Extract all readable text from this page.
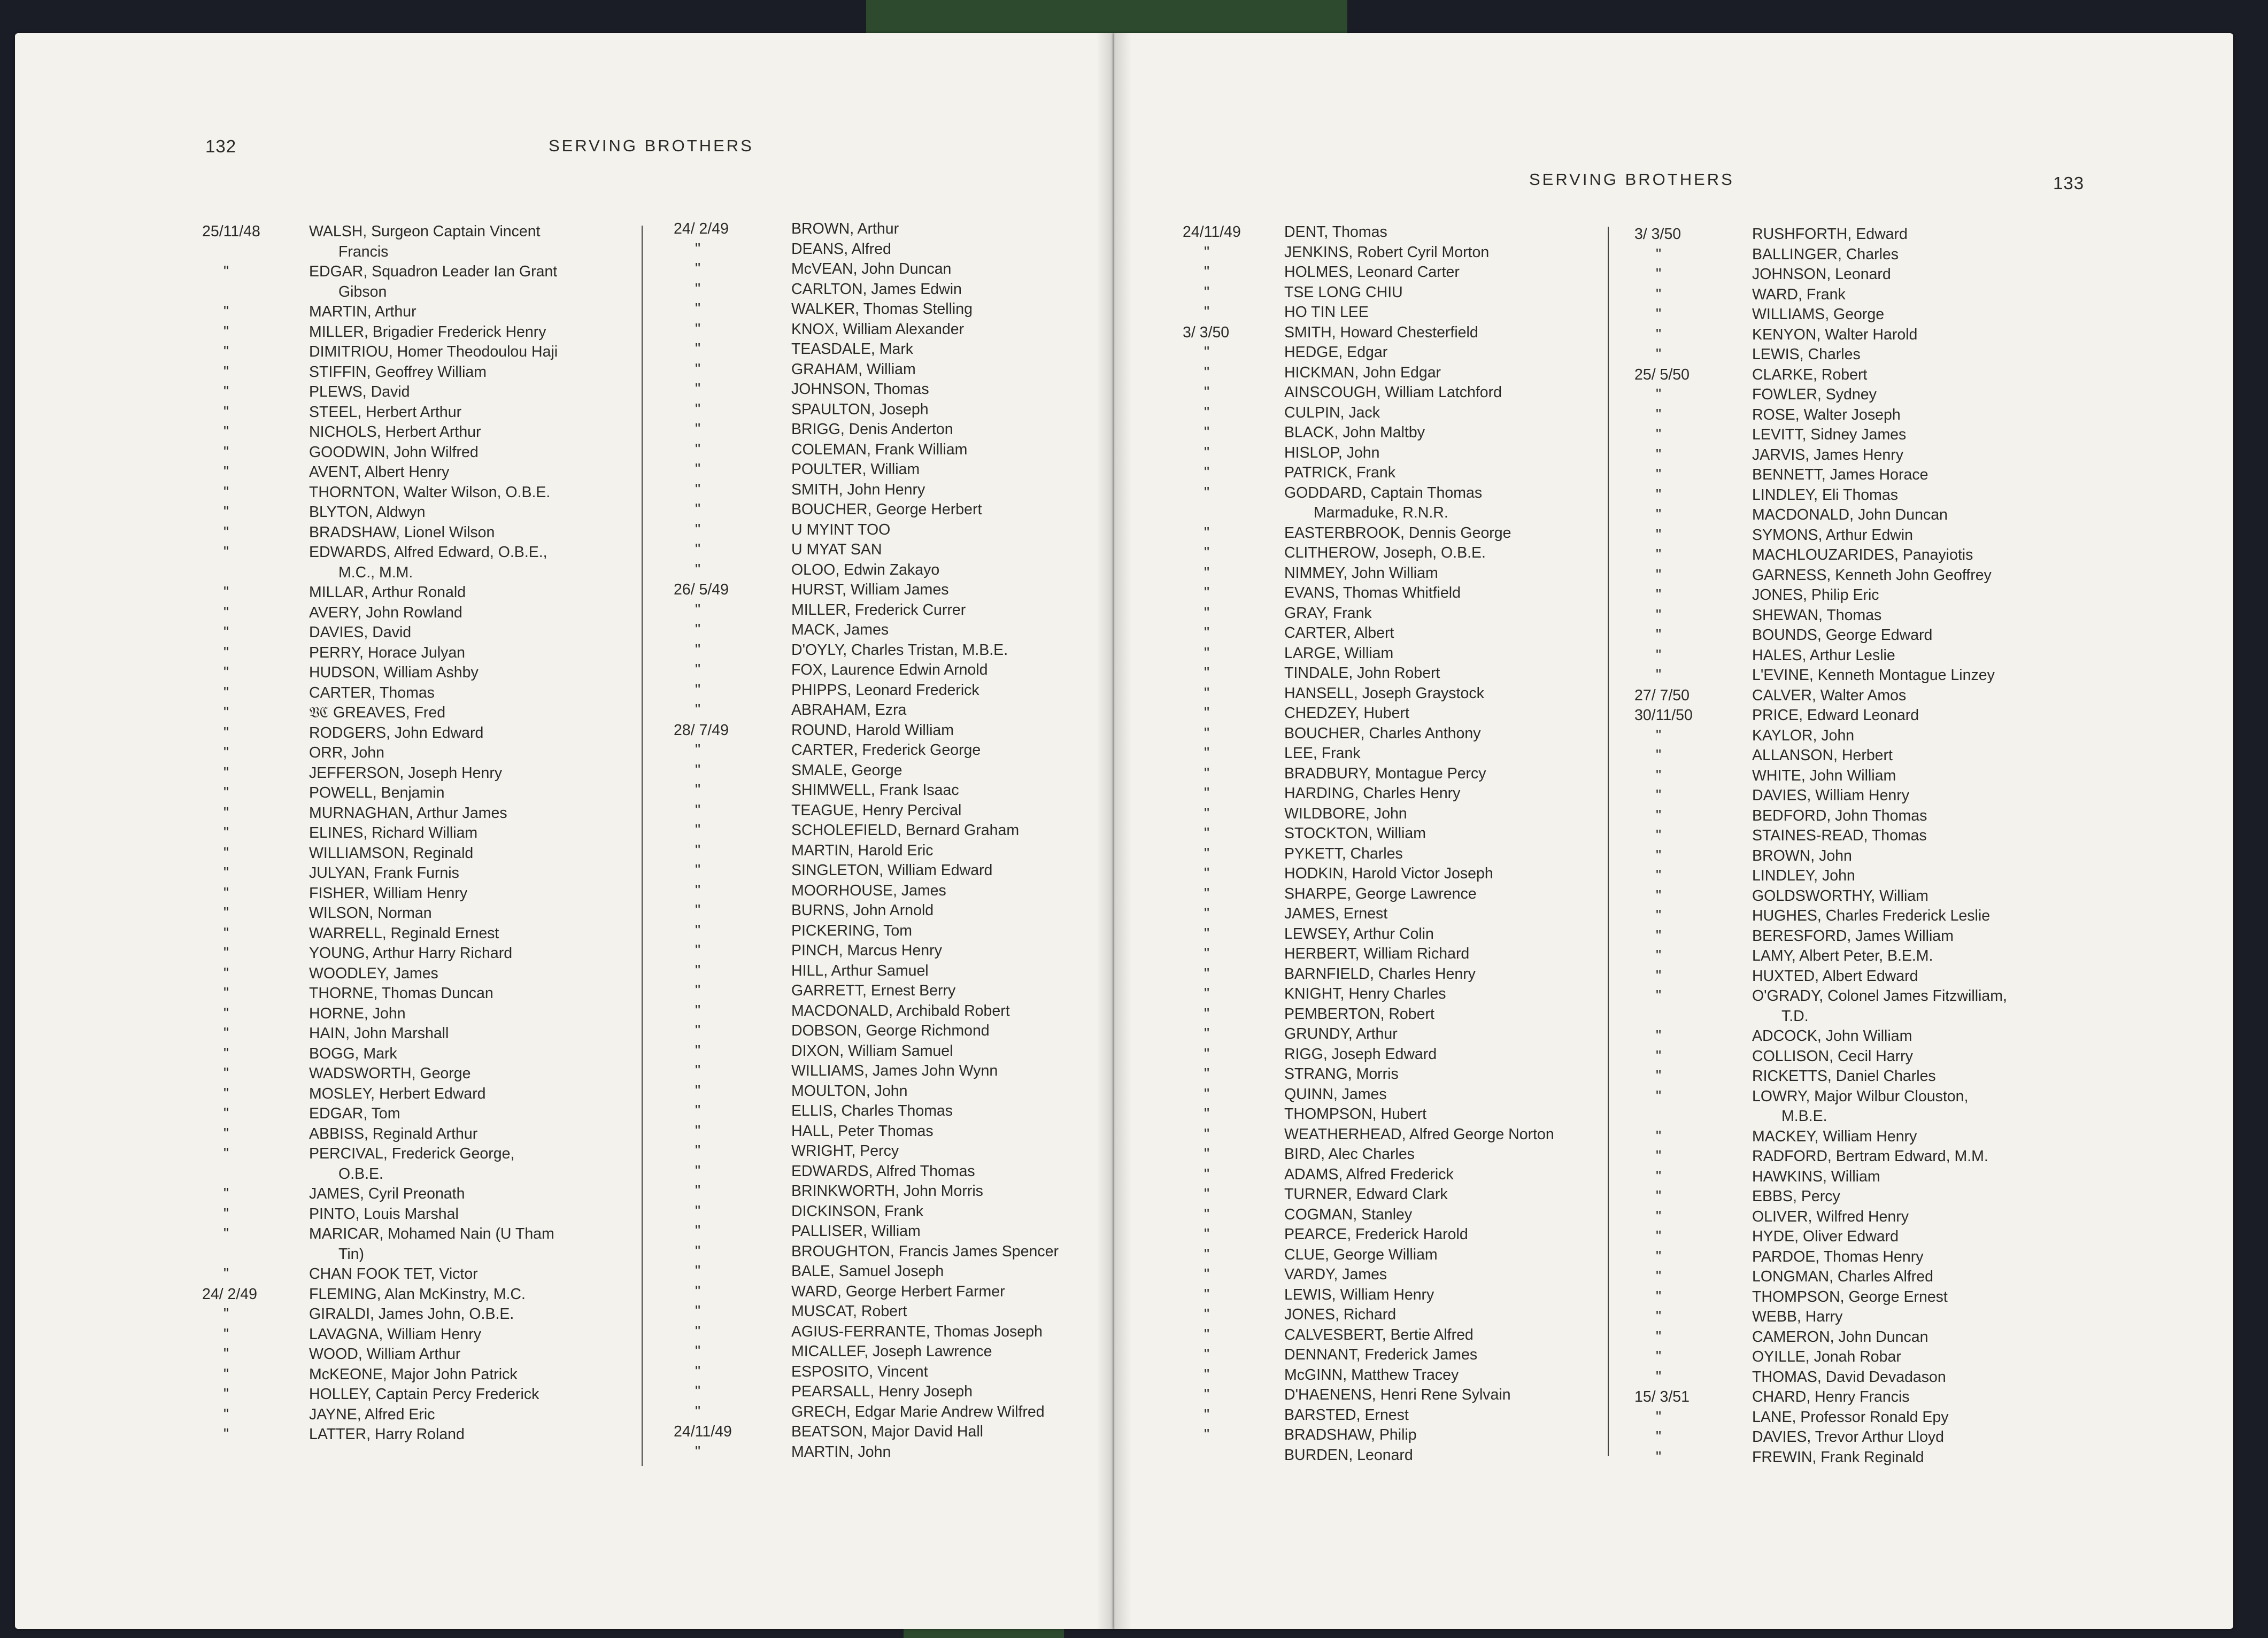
132	SERVING BROTHERS
25/11/48	WALSH, Surgeon Captain Vincent
Francis
"	EDGAR, Squadron Leader Ian Grant
Gibson
"	MARTIN, Arthur
"	MILLER, Brigadier Frederick Henry
"	DIMITRIOU, Homer Theodoulou Haji
"	STIFFIN, Geoffrey William
"	PLEWS, David
"	STEEL, Herbert Arthur
"	NICHOLS, Herbert Arthur
"	GOODWIN, John Wilfred
"	AVENT, Albert Henry
"	THORNTON, Walter Wilson, O.B.E.
"	BLYTON, Aldwyn
"	BRADSHAW, Lionel Wilson
"	EDWARDS, Alfred Edward, O.B.E.,
M.C., M.M.
"	MILLAR, Arthur Ronald
"	AVERY, John Rowland
"	DAVIES, David
"	PERRY, Horace Julyan
"	HUDSON, William Ashby
"	CARTER, Thomas
"	𝔙ℭ GREAVES, Fred
"	RODGERS, John Edward
"	ORR, John
"	JEFFERSON, Joseph Henry
"	POWELL, Benjamin
"	MURNAGHAN, Arthur James
"	ELINES, Richard William
"	WILLIAMSON, Reginald
"	JULYAN, Frank Furnis
"	FISHER, William Henry
"	WILSON, Norman
"	WARRELL, Reginald Ernest
"	YOUNG, Arthur Harry Richard
"	WOODLEY, James
"	THORNE, Thomas Duncan
"	HORNE, John
"	HAIN, John Marshall
"	BOGG, Mark
"	WADSWORTH, George
"	MOSLEY, Herbert Edward
"	EDGAR, Tom
"	ABBISS, Reginald Arthur
"	PERCIVAL, Frederick George,
O.B.E.
"	JAMES, Cyril Preonath
"	PINTO, Louis Marshal
"	MARICAR, Mohamed Nain (U Tham
Tin)
"	CHAN FOOK TET, Victor
24/ 2/49	FLEMING, Alan McKinstry, M.C.
"	GIRALDI, James John, O.B.E.
"	LAVAGNA, William Henry
"	WOOD, William Arthur
"	McKEONE, Major John Patrick
"	HOLLEY, Captain Percy Frederick
"	JAYNE, Alfred Eric
"	LATTER, Harry Roland
24/ 2/49	BROWN, Arthur
"	DEANS, Alfred
"	McVEAN, John Duncan
"	CARLTON, James Edwin
"	WALKER, Thomas Stelling
"	KNOX, William Alexander
"	TEASDALE, Mark
"	GRAHAM, William
"	JOHNSON, Thomas
"	SPAULTON, Joseph
"	BRIGG, Denis Anderton
"	COLEMAN, Frank William
"	POULTER, William
"	SMITH, John Henry
"	BOUCHER, George Herbert
"	U MYINT TOO
"	U MYAT SAN
"	OLOO, Edwin Zakayo
26/ 5/49	HURST, William James
"	MILLER, Frederick Currer
"	MACK, James
"	D'OYLY, Charles Tristan, M.B.E.
"	FOX, Laurence Edwin Arnold
"	PHIPPS, Leonard Frederick
"	ABRAHAM, Ezra
28/ 7/49	ROUND, Harold William
"	CARTER, Frederick George
"	SMALE, George
"	SHIMWELL, Frank Isaac
"	TEAGUE, Henry Percival
"	SCHOLEFIELD, Bernard Graham
"	MARTIN, Harold Eric
"	SINGLETON, William Edward
"	MOORHOUSE, James
"	BURNS, John Arnold
"	PICKERING, Tom
"	PINCH, Marcus Henry
"	HILL, Arthur Samuel
"	GARRETT, Ernest Berry
"	MACDONALD, Archibald Robert
"	DOBSON, George Richmond
"	DIXON, William Samuel
"	WILLIAMS, James John Wynn
"	MOULTON, John
"	ELLIS, Charles Thomas
"	HALL, Peter Thomas
"	WRIGHT, Percy
"	EDWARDS, Alfred Thomas
"	BRINKWORTH, John Morris
"	DICKINSON, Frank
"	PALLISER, William
"	BROUGHTON, Francis James Spencer
"	BALE, Samuel Joseph
"	WARD, George Herbert Farmer
"	MUSCAT, Robert
"	AGIUS-FERRANTE, Thomas Joseph
"	MICALLEF, Joseph Lawrence
"	ESPOSITO, Vincent
"	PEARSALL, Henry Joseph
"	GRECH, Edgar Marie Andrew Wilfred
24/11/49	BEATSON, Major David Hall
"	MARTIN, John
SERVING BROTHERS	133
24/11/49	DENT, Thomas
"	JENKINS, Robert Cyril Morton
"	HOLMES, Leonard Carter
"	TSE LONG CHIU
"	HO TIN LEE
3/ 3/50	SMITH, Howard Chesterfield
"	HEDGE, Edgar
"	HICKMAN, John Edgar
"	AINSCOUGH, William Latchford
"	CULPIN, Jack
"	BLACK, John Maltby
"	HISLOP, John
"	PATRICK, Frank
"	GODDARD, Captain Thomas
Marmaduke, R.N.R.
"	EASTERBROOK, Dennis George
"	CLITHEROW, Joseph, O.B.E.
"	NIMMEY, John William
"	EVANS, Thomas Whitfield
"	GRAY, Frank
"	CARTER, Albert
"	LARGE, William
"	TINDALE, John Robert
"	HANSELL, Joseph Graystock
"	CHEDZEY, Hubert
"	BOUCHER, Charles Anthony
"	LEE, Frank
"	BRADBURY, Montague Percy
"	HARDING, Charles Henry
"	WILDBORE, John
"	STOCKTON, William
"	PYKETT, Charles
"	HODKIN, Harold Victor Joseph
"	SHARPE, George Lawrence
"	JAMES, Ernest
"	LEWSEY, Arthur Colin
"	HERBERT, William Richard
"	BARNFIELD, Charles Henry
"	KNIGHT, Henry Charles
"	PEMBERTON, Robert
"	GRUNDY, Arthur
"	RIGG, Joseph Edward
"	STRANG, Morris
"	QUINN, James
"	THOMPSON, Hubert
"	WEATHERHEAD, Alfred George Norton
"	BIRD, Alec Charles
"	ADAMS, Alfred Frederick
"	TURNER, Edward Clark
"	COGMAN, Stanley
"	PEARCE, Frederick Harold
"	CLUE, George William
"	VARDY, James
"	LEWIS, William Henry
"	JONES, Richard
"	CALVESBERT, Bertie Alfred
"	DENNANT, Frederick James
"	McGINN, Matthew Tracey
"	D'HAENENS, Henri Rene Sylvain
"	BARSTED, Ernest
"	BRADSHAW, Philip
BURDEN, Leonard
3/ 3/50	RUSHFORTH, Edward
"	BALLINGER, Charles
"	JOHNSON, Leonard
"	WARD, Frank
"	WILLIAMS, George
"	KENYON, Walter Harold
"	LEWIS, Charles
25/ 5/50	CLARKE, Robert
"	FOWLER, Sydney
"	ROSE, Walter Joseph
"	LEVITT, Sidney James
"	JARVIS, James Henry
"	BENNETT, James Horace
"	LINDLEY, Eli Thomas
"	MACDONALD, John Duncan
"	SYMONS, Arthur Edwin
"	MACHLOUZARIDES, Panayiotis
"	GARNESS, Kenneth John Geoffrey
"	JONES, Philip Eric
"	SHEWAN, Thomas
"	BOUNDS, George Edward
"	HALES, Arthur Leslie
"	L'EVINE, Kenneth Montague Linzey
27/ 7/50	CALVER, Walter Amos
30/11/50	PRICE, Edward Leonard
"	KAYLOR, John
"	ALLANSON, Herbert
"	WHITE, John William
"	DAVIES, William Henry
"	BEDFORD, John Thomas
"	STAINES-READ, Thomas
"	BROWN, John
"	LINDLEY, John
"	GOLDSWORTHY, William
"	HUGHES, Charles Frederick Leslie
"	BERESFORD, James William
"	LAMY, Albert Peter, B.E.M.
"	HUXTED, Albert Edward
"	O'GRADY, Colonel James Fitzwilliam,
T.D.
"	ADCOCK, John William
"	COLLISON, Cecil Harry
"	RICKETTS, Daniel Charles
"	LOWRY, Major Wilbur Clouston,
M.B.E.
"	MACKEY, William Henry
"	RADFORD, Bertram Edward, M.M.
"	HAWKINS, William
"	EBBS, Percy
"	OLIVER, Wilfred Henry
"	HYDE, Oliver Edward
"	PARDOE, Thomas Henry
"	LONGMAN, Charles Alfred
"	THOMPSON, George Ernest
"	WEBB, Harry
"	CAMERON, John Duncan
"	OYILLE, Jonah Robar
"	THOMAS, David Devadason
15/ 3/51	CHARD, Henry Francis
"	LANE, Professor Ronald Epy
"	DAVIES, Trevor Arthur Lloyd
"	FREWIN, Frank Reginald
